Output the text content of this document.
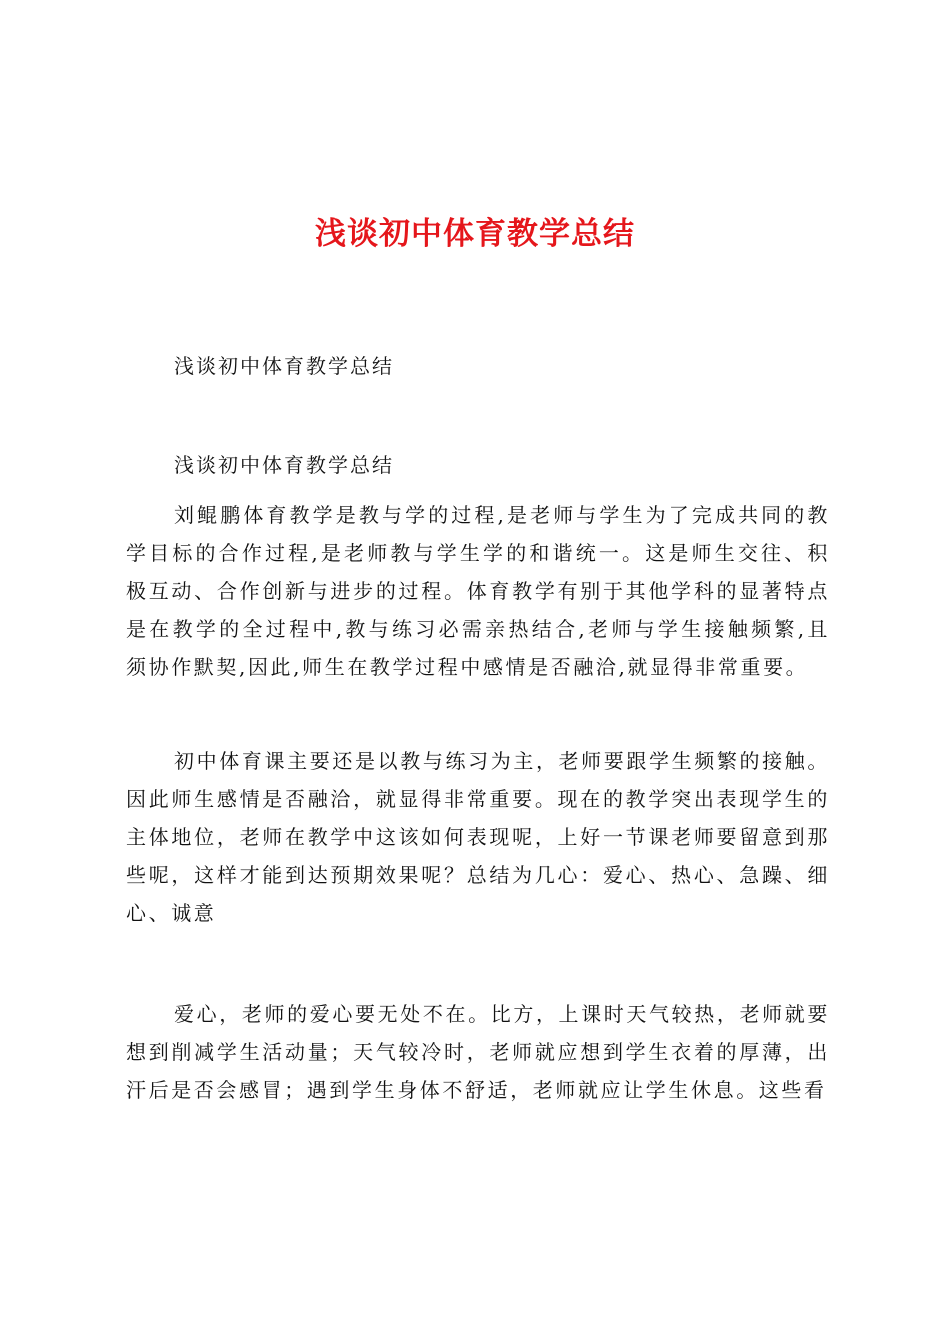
浅谈初中体育教学总结
浅谈初中体育教学总结
浅谈初中体育教学总结

刘鲲鹏体育教学是教与学的过程,是老师与学生为了完成共同的教学目标的合作过程,是老师教与学生学的和谐统一。这是师生交往、积极互动、合作创新与进步的过程。体育教学有别于其他学科的显著特点是在教学的全过程中,教与练习必需亲热结合,老师与学生接触频繁,且须协作默契,因此,师生在教学过程中感情是否融洽,就显得非常重要。

初中体育课主要还是以教与练习为主，老师要跟学生频繁的接触。因此师生感情是否融洽，就显得非常重要。现在的教学突出表现学生的主体地位，老师在教学中这该如何表现呢，上好一节课老师要留意到那些呢，这样才能到达预期效果呢？总结为几心：爱心、热心、急躁、细心、诚意

爱心，老师的爱心要无处不在。比方，上课时天气较热，老师就要想到削减学生活动量；天气较冷时，老师就应想到学生衣着的厚薄，出汗后是否会感冒；遇到学生身体不舒适，老师就应让学生休息。这些看
